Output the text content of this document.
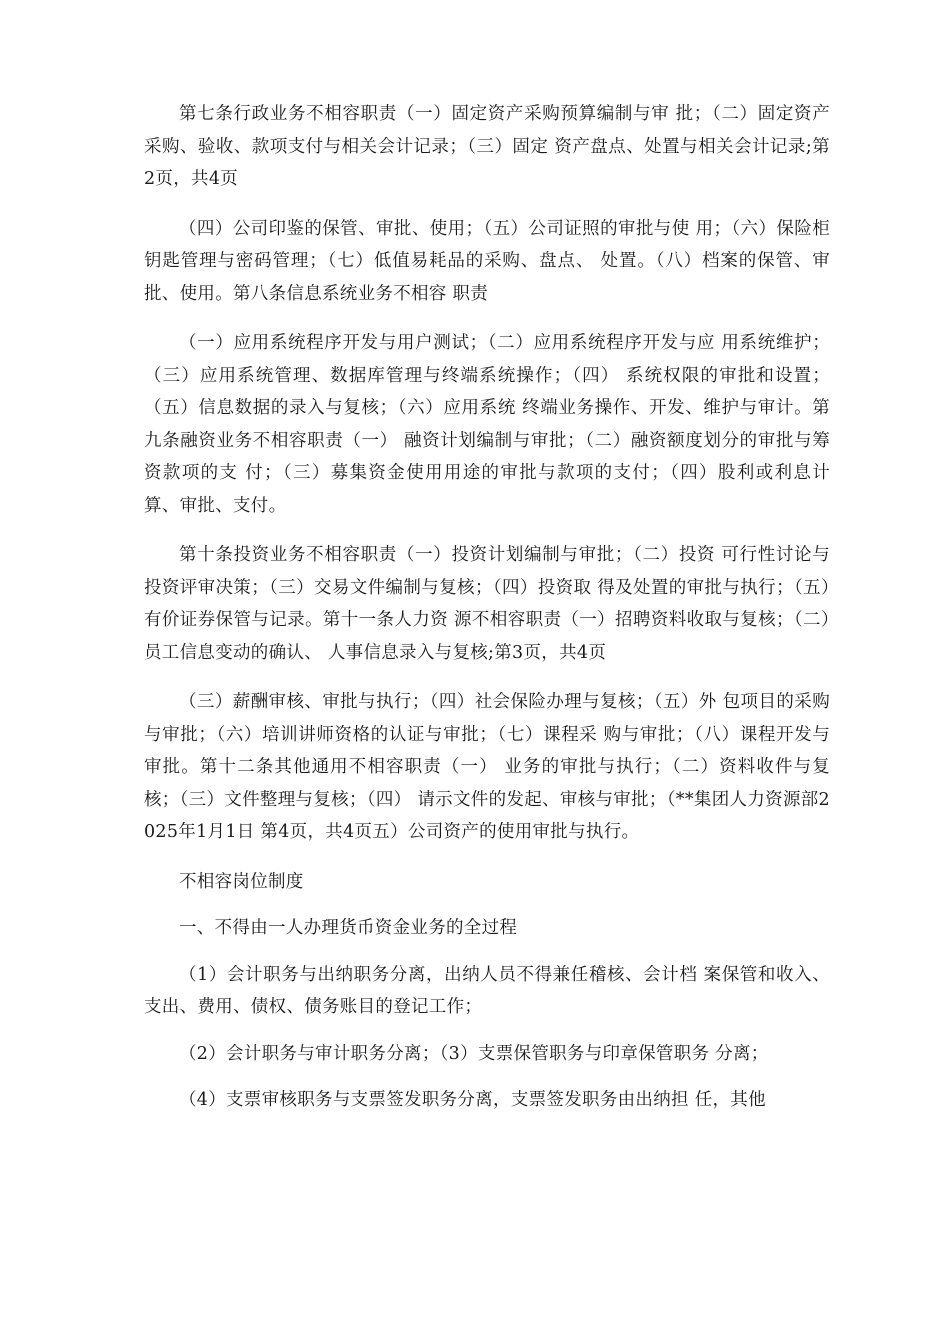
第七条行政业务不相容职责（一）固定资产采购预算编制与审 批；（二）固定资产采购、验收、款项支付与相关会计记录；（三）固定 资产盘点、处置与相关会计记录;第2页，共4页

（四）公司印鉴的保管、审批、使用；（五）公司证照的审批与使 用；（六）保险柜钥匙管理与密码管理；（七）低值易耗品的采购、盘点、 处置。（八）档案的保管、审批、使用。第八条信息系统业务不相容 职责

（一）应用系统程序开发与用户测试；（二）应用系统程序开发与应 用系统维护；（三）应用系统管理、数据库管理与终端系统操作；（四） 系统权限的审批和设置；（五）信息数据的录入与复核；（六）应用系统 终端业务操作、开发、维护与审计。第九条融资业务不相容职责（一） 融资计划编制与审批；（二）融资额度划分的审批与筹资款项的支 付；（三）募集资金使用用途的审批与款项的支付；（四）股利或利息计 算、审批、支付。

第十条投资业务不相容职责（一）投资计划编制与审批；（二）投资 可行性讨论与投资评审决策；（三）交易文件编制与复核；（四）投资取 得及处置的审批与执行；（五）有价证券保管与记录。第十一条人力资 源不相容职责（一）招聘资料收取与复核；（二）员工信息变动的确认、 人事信息录入与复核;第3页，共4页

（三）薪酬审核、审批与执行；（四）社会保险办理与复核；（五）外 包项目的采购与审批；（六）培训讲师资格的认证与审批；（七）课程采 购与审批；（八）课程开发与审批。第十二条其他通用不相容职责（一） 业务的审批与执行；（二）资料收件与复核；（三）文件整理与复核；（四） 请示文件的发起、审核与审批；（**集团人力资源部2025年1月1日 第4页，共4页五）公司资产的使用审批与执行。

不相容岗位制度

一、不得由一人办理货币资金业务的全过程

（1）会计职务与出纳职务分离，出纳人员不得兼任稽核、会计档 案保管和收入、支出、费用、债权、债务账目的登记工作；

（2）会计职务与审计职务分离；（3）支票保管职务与印章保管职务 分离；

（4）支票审核职务与支票签发职务分离，支票签发职务由出纳担 任，其他
